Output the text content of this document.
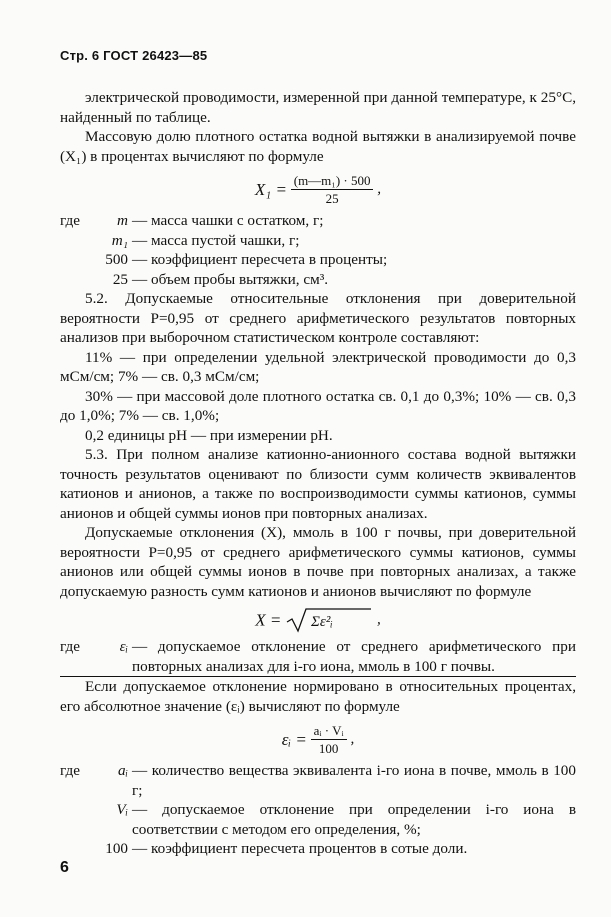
Стр. 6 ГОСТ 26423—85

электрической проводимости, измеренной при данной температуре, к 25°С, найденный по таблице.

Массовую долю плотного остатка водной вытяжки в анализируемой почве (X₁) в процентах вычисляют по формуле

$X_1 = \frac{\text{(m—m₁) · 500}}{25}$ ,
где	m — масса чашки с остатком, г;
m₁ — масса пустой чашки, г;
500 — коэффициент пересчета в проценты;
25 — объем пробы вытяжки, см³.

5.2. Допускаемые относительные отклонения при доверительной вероятности P=0,95 от среднего арифметического результатов повторных анализов при выборочном статистическом контроле составляют:

11% — при определении удельной электрической проводимости до 0,3 мСм/см; 7% — св. 0,3 мСм/см;

30% — при массовой доле плотного остатка св. 0,1 до 0,3%; 10% — св. 0,3 до 1,0%; 7% — св. 1,0%;

0,2 единицы pH — при измерении pH.

5.3. При полном анализе катионно-анионного состава водной вытяжки точность результатов оценивают по близости сумм количеств эквивалентов катионов и анионов, а также по воспроизводимости суммы катионов, суммы анионов и общей суммы ионов при повторных анализах.

Допускаемые отклонения (X), ммоль в 100 г почвы, при доверительной вероятности P=0,95 от среднего арифметического суммы катионов, суммы анионов или общей суммы ионов в почве при повторных анализах, а также допускаемую разность сумм катионов и анионов вычисляют по формуле

X = Σε²ᵢ	,
где	εᵢ — допускаемое отклонение от среднего арифметического при повторных анализах для i-го иона, ммоль в 100 г почвы.

Если допускаемое отклонение нормировано в относительных процентах, его абсолютное значение (εᵢ) вычисляют по формуле

εᵢ = $\frac{\text{aᵢ · Vᵢ}}{100}$ ,
где	aᵢ — количество вещества эквивалента i-го иона в почве, ммоль в 100 г;
Vᵢ — допускаемое отклонение при определении i-го иона в соответствии с методом его определения, %;
100 — коэффициент пересчета процентов в сотые доли.
6
